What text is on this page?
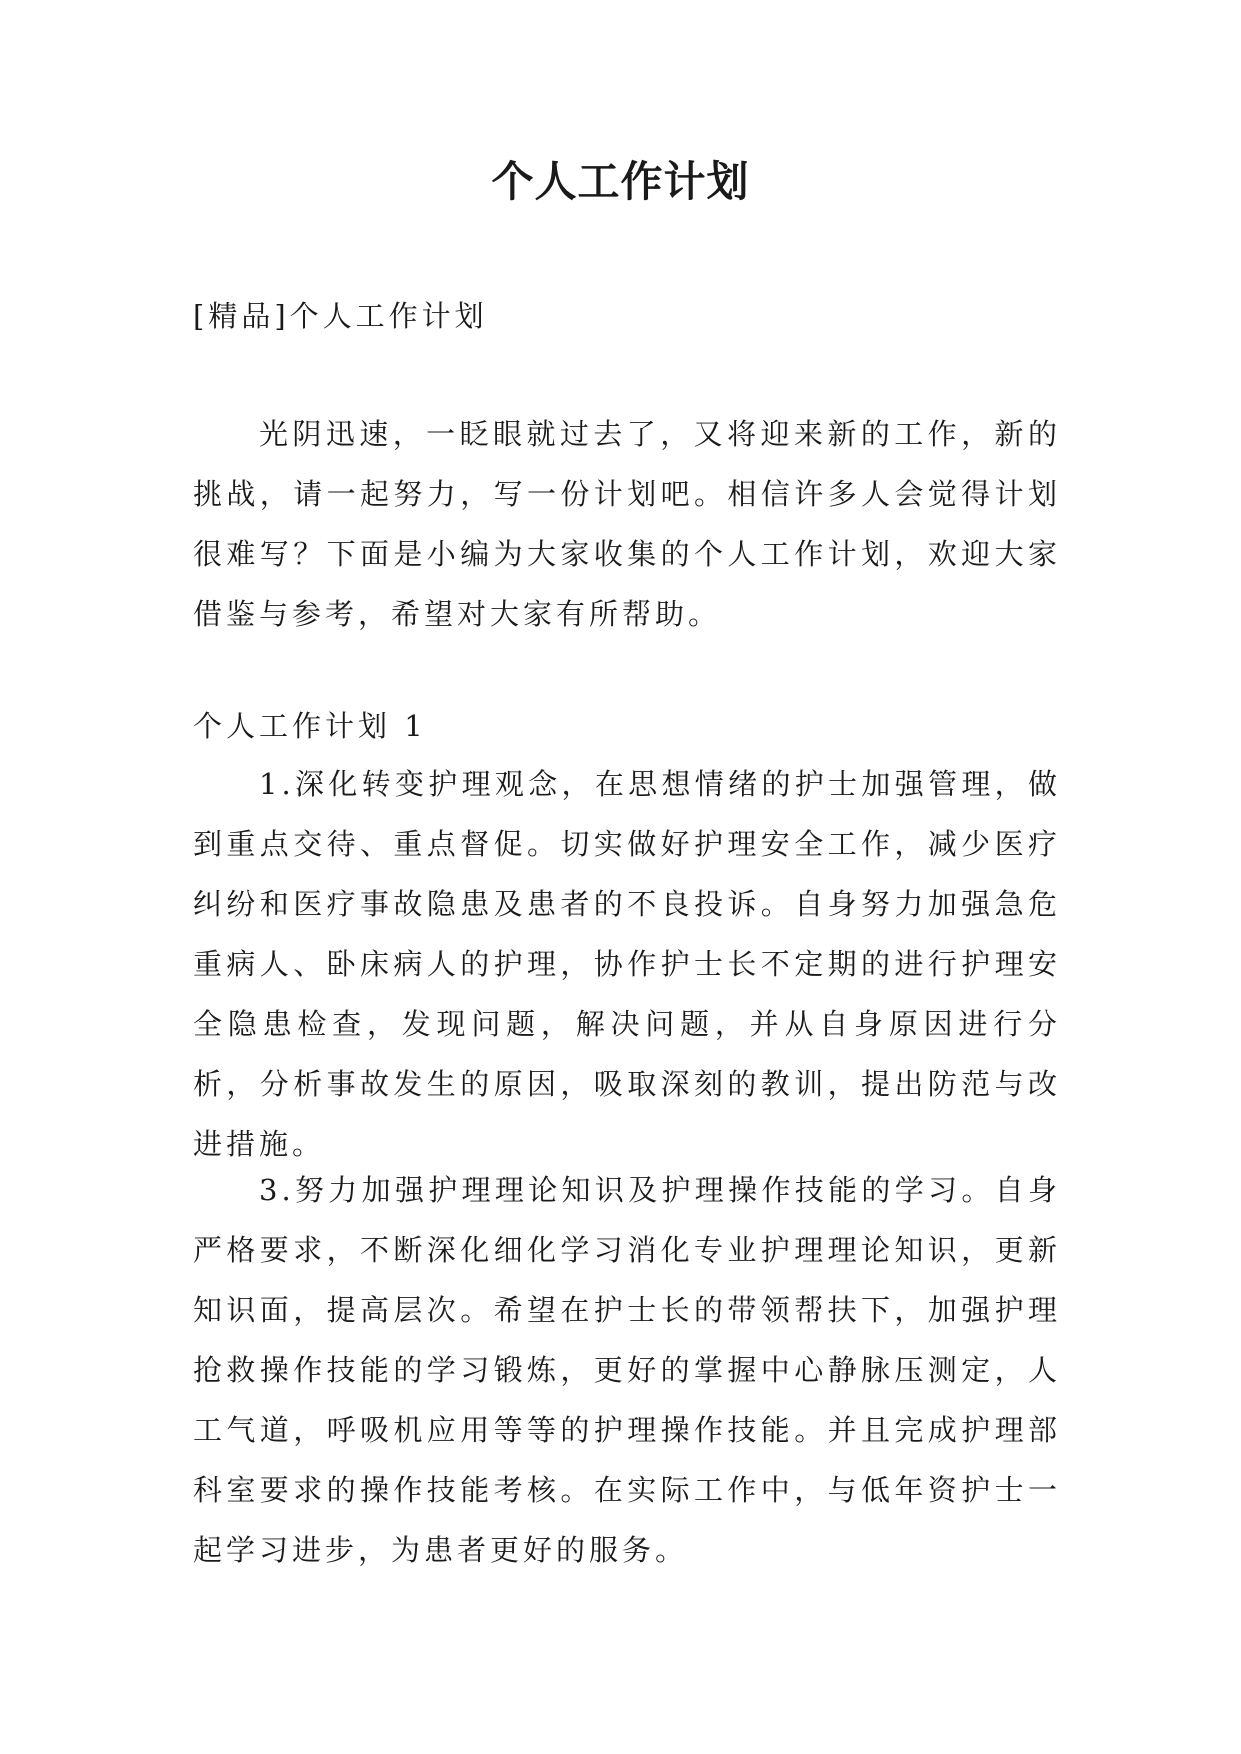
个人工作计划

[精品]个人工作计划

光阴迅速，一眨眼就过去了，又将迎来新的工作，新的挑战，请一起努力，写一份计划吧。相信许多人会觉得计划很难写？下面是小编为大家收集的个人工作计划，欢迎大家借鉴与参考，希望对大家有所帮助。

个人工作计划 1

1.深化转变护理观念，在思想情绪的护士加强管理，做到重点交待、重点督促。切实做好护理安全工作，减少医疗纠纷和医疗事故隐患及患者的不良投诉。自身努力加强急危重病人、卧床病人的护理，协作护士长不定期的进行护理安全隐患检查，发现问题，解决问题，并从自身原因进行分析，分析事故发生的原因，吸取深刻的教训，提出防范与改进措施。

3.努力加强护理理论知识及护理操作技能的学习。自身严格要求，不断深化细化学习消化专业护理理论知识，更新知识面，提高层次。希望在护士长的带领帮扶下，加强护理抢救操作技能的学习锻炼，更好的掌握中心静脉压测定，人工气道，呼吸机应用等等的护理操作技能。并且完成护理部科室要求的操作技能考核。在实际工作中，与低年资护士一起学习进步，为患者更好的服务。
